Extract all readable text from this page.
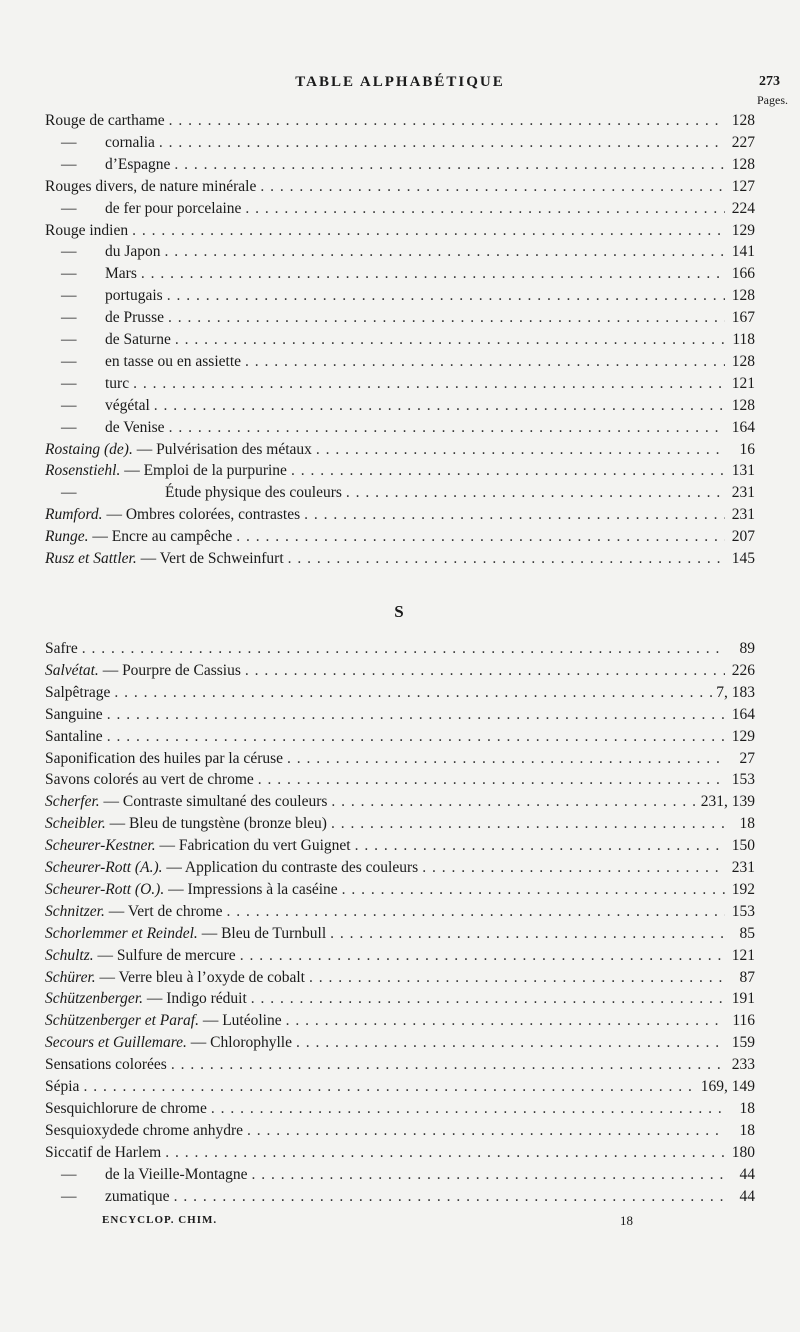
TABLE ALPHABÉTIQUE	273
Pages.
Rouge de carthame . . .	128
— cornalia . . .	227
— d’Espagne . . .	128
Rouges divers, de nature minérale . . .	127
— de fer pour porcelaine . . .	224
Rouge indien . . .	129
— du Japon . . .	141
— Mars . . .	166
— portugais . . .	128
— de Prusse . . .	167
— de Saturne . . .	118
— en tasse ou en assiette . . .	128
— turc . . .	121
— végétal . . .	128
— de Venise . . .	164
Rostaing (de). — Pulvérisation des métaux . . .	16
Rosenstiehl. — Emploi de la purpurine . . .	131
—	Étude physique des couleurs . . .	231
Rumford. — Ombres colorées, contrastes . . .	231
Runge. — Encre au campêche . . .	207
Rusz et Sattler. — Vert de Schweinfurt . . .	145
S
Safre . . .	89
Salvétat. — Pourpre de Cassius . . .	226
Salpêtrage . . .	7, 183
Sanguine . . .	164
Santaline . . .	129
Saponification des huiles par la céruse . . .	27
Savons colorés au vert de chrome . . .	153
Scherfer. — Contraste simultané des couleurs . . .	231, 139
Scheibler. — Bleu de tungstène (bronze bleu) . . .	18
Scheurer-Kestner. — Fabrication du vert Guignet . . .	150
Scheurer-Rott (A.). — Application du contraste des couleurs . . .	231
Scheurer-Rott (O.). — Impressions à la caséine . . .	192
Schnitzer. — Vert de chrome . . .	153
Schorlemmer et Reindel. — Bleu de Turnbull . . .	85
Schultz. — Sulfure de mercure . . .	121
Schürer. — Verre bleu à l’oxyde de cobalt . . .	87
Schützenberger. — Indigo réduit . . .	191
Schützenberger et Paraf. — Lutéoline . . .	116
Secours et Guillemare. — Chlorophylle . . .	159
Sensations colorées . . .	233
Sépia . . .	169, 149
Sesquichlorure de chrome . . .	18
Sesquioxydede chrome anhydre . . .	18
Siccatif de Harlem . . .	180
— de la Vieille-Montagne . . .	44
— zumatique . . .	44
ENCYCLOP. CHIM.	18
